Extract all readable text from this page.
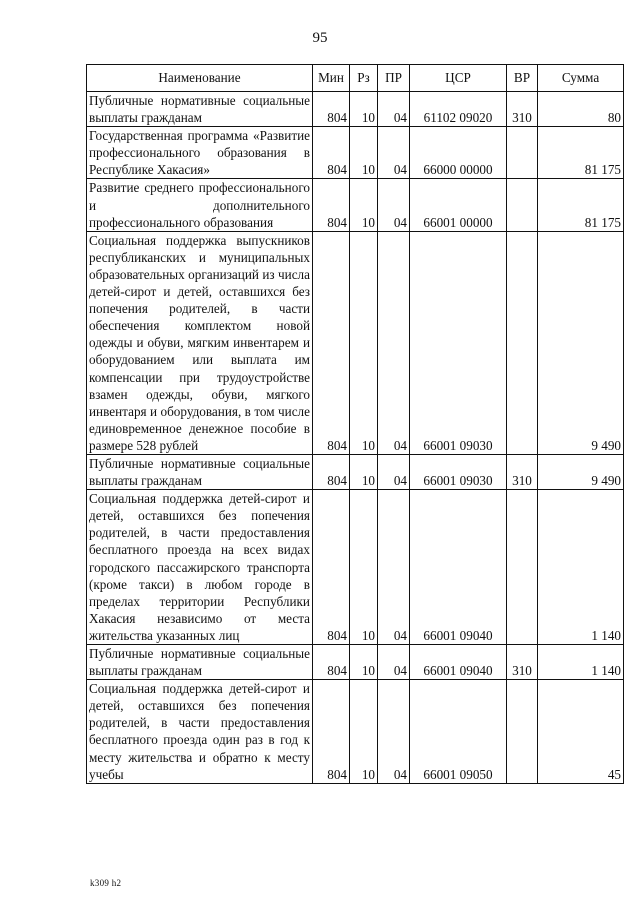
95
Наименование	Мин	Рз	ПР	ЦСР	ВР	Сумма
Публичные нормативные социальные выплаты гражданам	804	10	04	61102 09020	310	80
Государственная программа «Развитие профессионального образования в Республике Хакасия»	804	10	04	66000 00000		81 175
Развитие среднего профессионального и дополнительного профессионального образования	804	10	04	66001 00000		81 175
Социальная поддержка выпускников республиканских и муниципальных образовательных организаций из числа детей-сирот и детей, оставшихся без попечения родителей, в части обеспечения комплектом новой одежды и обуви, мягким инвентарем и оборудованием или выплата им компенсации при трудоустройстве взамен одежды, обуви, мягкого инвентаря и оборудования, в том числе единовременное денежное пособие в размере 528 рублей	804	10	04	66001 09030		9 490
Публичные нормативные социальные выплаты гражданам	804	10	04	66001 09030	310	9 490
Социальная поддержка детей-сирот и детей, оставшихся без попечения родителей, в части предоставления бесплатного проезда на всех видах городского пассажирского транспорта (кроме такси) в любом городе в пределах территории Республики Хакасия независимо от места жительства указанных лиц	804	10	04	66001 09040		1 140
Публичные нормативные социальные выплаты гражданам	804	10	04	66001 09040	310	1 140
Социальная поддержка детей-сирот и детей, оставшихся без попечения родителей, в части предоставления бесплатного проезда один раз в год к месту жительства и обратно к месту учебы	804	10	04	66001 09050		45
k309 h2
